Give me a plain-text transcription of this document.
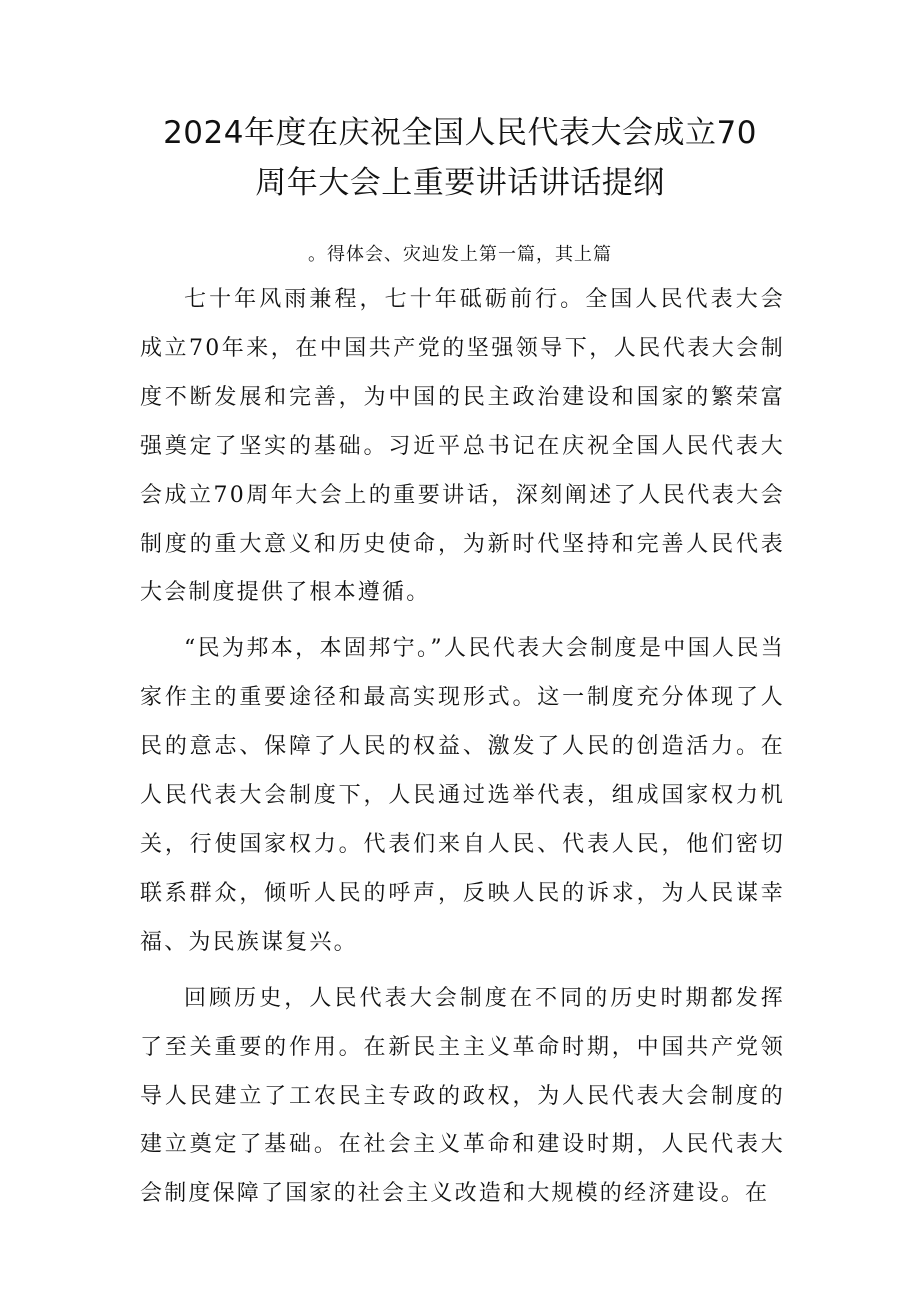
2024年度在庆祝全国人民代表大会成立70
周年大会上重要讲话讲话提纲
。得体会、灾辿发上第一篇，其上篇

七十年风雨兼程，七十年砥砺前行。全国人民代表大会成立70年来，在中国共产党的坚强领导下，人民代表大会制度不断发展和完善，为中国的民主政治建设和国家的繁荣富强奠定了坚实的基础。习近平总书记在庆祝全国人民代表大会成立70周年大会上的重要讲话，深刻阐述了人民代表大会制度的重大意义和历史使命，为新时代坚持和完善人民代表大会制度提供了根本遵循。

“民为邦本，本固邦宁。”人民代表大会制度是中国人民当家作主的重要途径和最高实现形式。这一制度充分体现了人民的意志、保障了人民的权益、激发了人民的创造活力。在人民代表大会制度下，人民通过选举代表，组成国家权力机关，行使国家权力。代表们来自人民、代表人民，他们密切联系群众，倾听人民的呼声，反映人民的诉求，为人民谋幸福、为民族谋复兴。

回顾历史，人民代表大会制度在不同的历史时期都发挥了至关重要的作用。在新民主主义革命时期，中国共产党领导人民建立了工农民主专政的政权，为人民代表大会制度的建立奠定了基础。在社会主义革命和建设时期，人民代表大会制度保障了国家的社会主义改造和大规模的经济建设。在
